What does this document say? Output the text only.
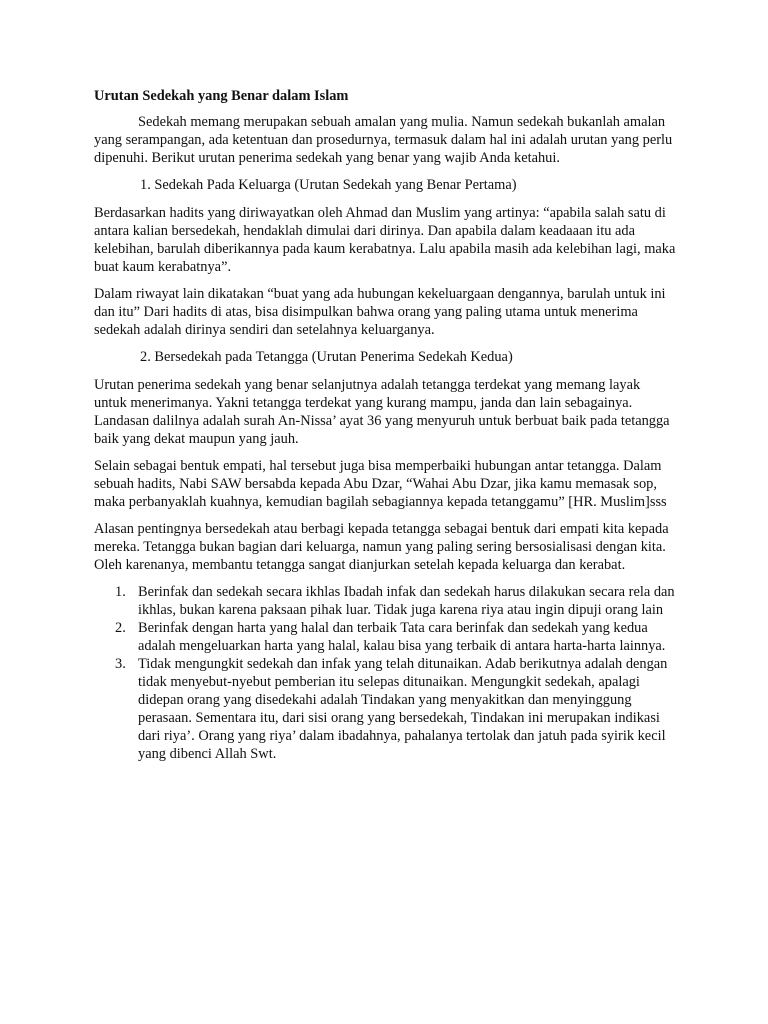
Urutan Sedekah yang Benar dalam Islam

Sedekah memang merupakan sebuah amalan yang mulia. Namun sedekah bukanlah amalan yang serampangan, ada ketentuan dan prosedurnya, termasuk dalam hal ini adalah urutan yang perlu dipenuhi. Berikut urutan penerima sedekah yang benar yang wajib Anda ketahui.

1. Sedekah Pada Keluarga (Urutan Sedekah yang Benar Pertama)

Berdasarkan hadits yang diriwayatkan oleh Ahmad dan Muslim yang artinya: “apabila salah satu di antara kalian bersedekah, hendaklah dimulai dari dirinya. Dan apabila dalam keadaaan itu ada kelebihan, barulah diberikannya pada kaum kerabatnya. Lalu apabila masih ada kelebihan lagi, maka buat kaum kerabatnya”.

Dalam riwayat lain dikatakan “buat yang ada hubungan kekeluargaan dengannya, barulah untuk ini dan itu” Dari hadits di atas, bisa disimpulkan bahwa orang yang paling utama untuk menerima sedekah adalah dirinya sendiri dan setelahnya keluarganya.

2. Bersedekah pada Tetangga (Urutan Penerima Sedekah Kedua)

Urutan penerima sedekah yang benar selanjutnya adalah tetangga terdekat yang memang layak untuk menerimanya. Yakni tetangga terdekat yang kurang mampu, janda dan lain sebagainya. Landasan dalilnya adalah surah An-Nissa’ ayat 36 yang menyuruh untuk berbuat baik pada tetangga baik yang dekat maupun yang jauh.

Selain sebagai bentuk empati, hal tersebut juga bisa memperbaiki hubungan antar tetangga. Dalam sebuah hadits, Nabi SAW bersabda kepada Abu Dzar, “Wahai Abu Dzar, jika kamu memasak sop, maka perbanyaklah kuahnya, kemudian bagilah sebagiannya kepada tetanggamu” [HR. Muslim]sss

Alasan pentingnya bersedekah atau berbagi kepada tetangga sebagai bentuk dari empati kita kepada mereka. Tetangga bukan bagian dari keluarga, namun yang paling sering bersosialisasi dengan kita. Oleh karenanya, membantu tetangga sangat dianjurkan setelah kepada keluarga dan kerabat.

1. Berinfak dan sedekah secara ikhlas Ibadah infak dan sedekah harus dilakukan secara rela dan ikhlas, bukan karena paksaan pihak luar. Tidak juga karena riya atau ingin dipuji orang lain
2. Berinfak dengan harta yang halal dan terbaik Tata cara berinfak dan sedekah yang keduaadalah mengeluarkan harta yang halal, kalau bisa yang terbaik di antara harta-harta lainnya.
3. Tidak mengungkit sedekah dan infak yang telah ditunaikan. Adab berikutnya adalah dengan tidak menyebut-nyebut pemberian itu selepas ditunaikan. Mengungkit sedekah, apalagi didepan orang yang disedekahi adalah Tindakan yang menyakitkan dan menyinggung perasaan. Sementara itu, dari sisi orang yang bersedekah, Tindakan ini merupakan indikasi dari riya’. Orang yang riya’ dalam ibadahnya, pahalanya tertolak dan jatuh pada syirik kecil yang dibenci Allah Swt.
